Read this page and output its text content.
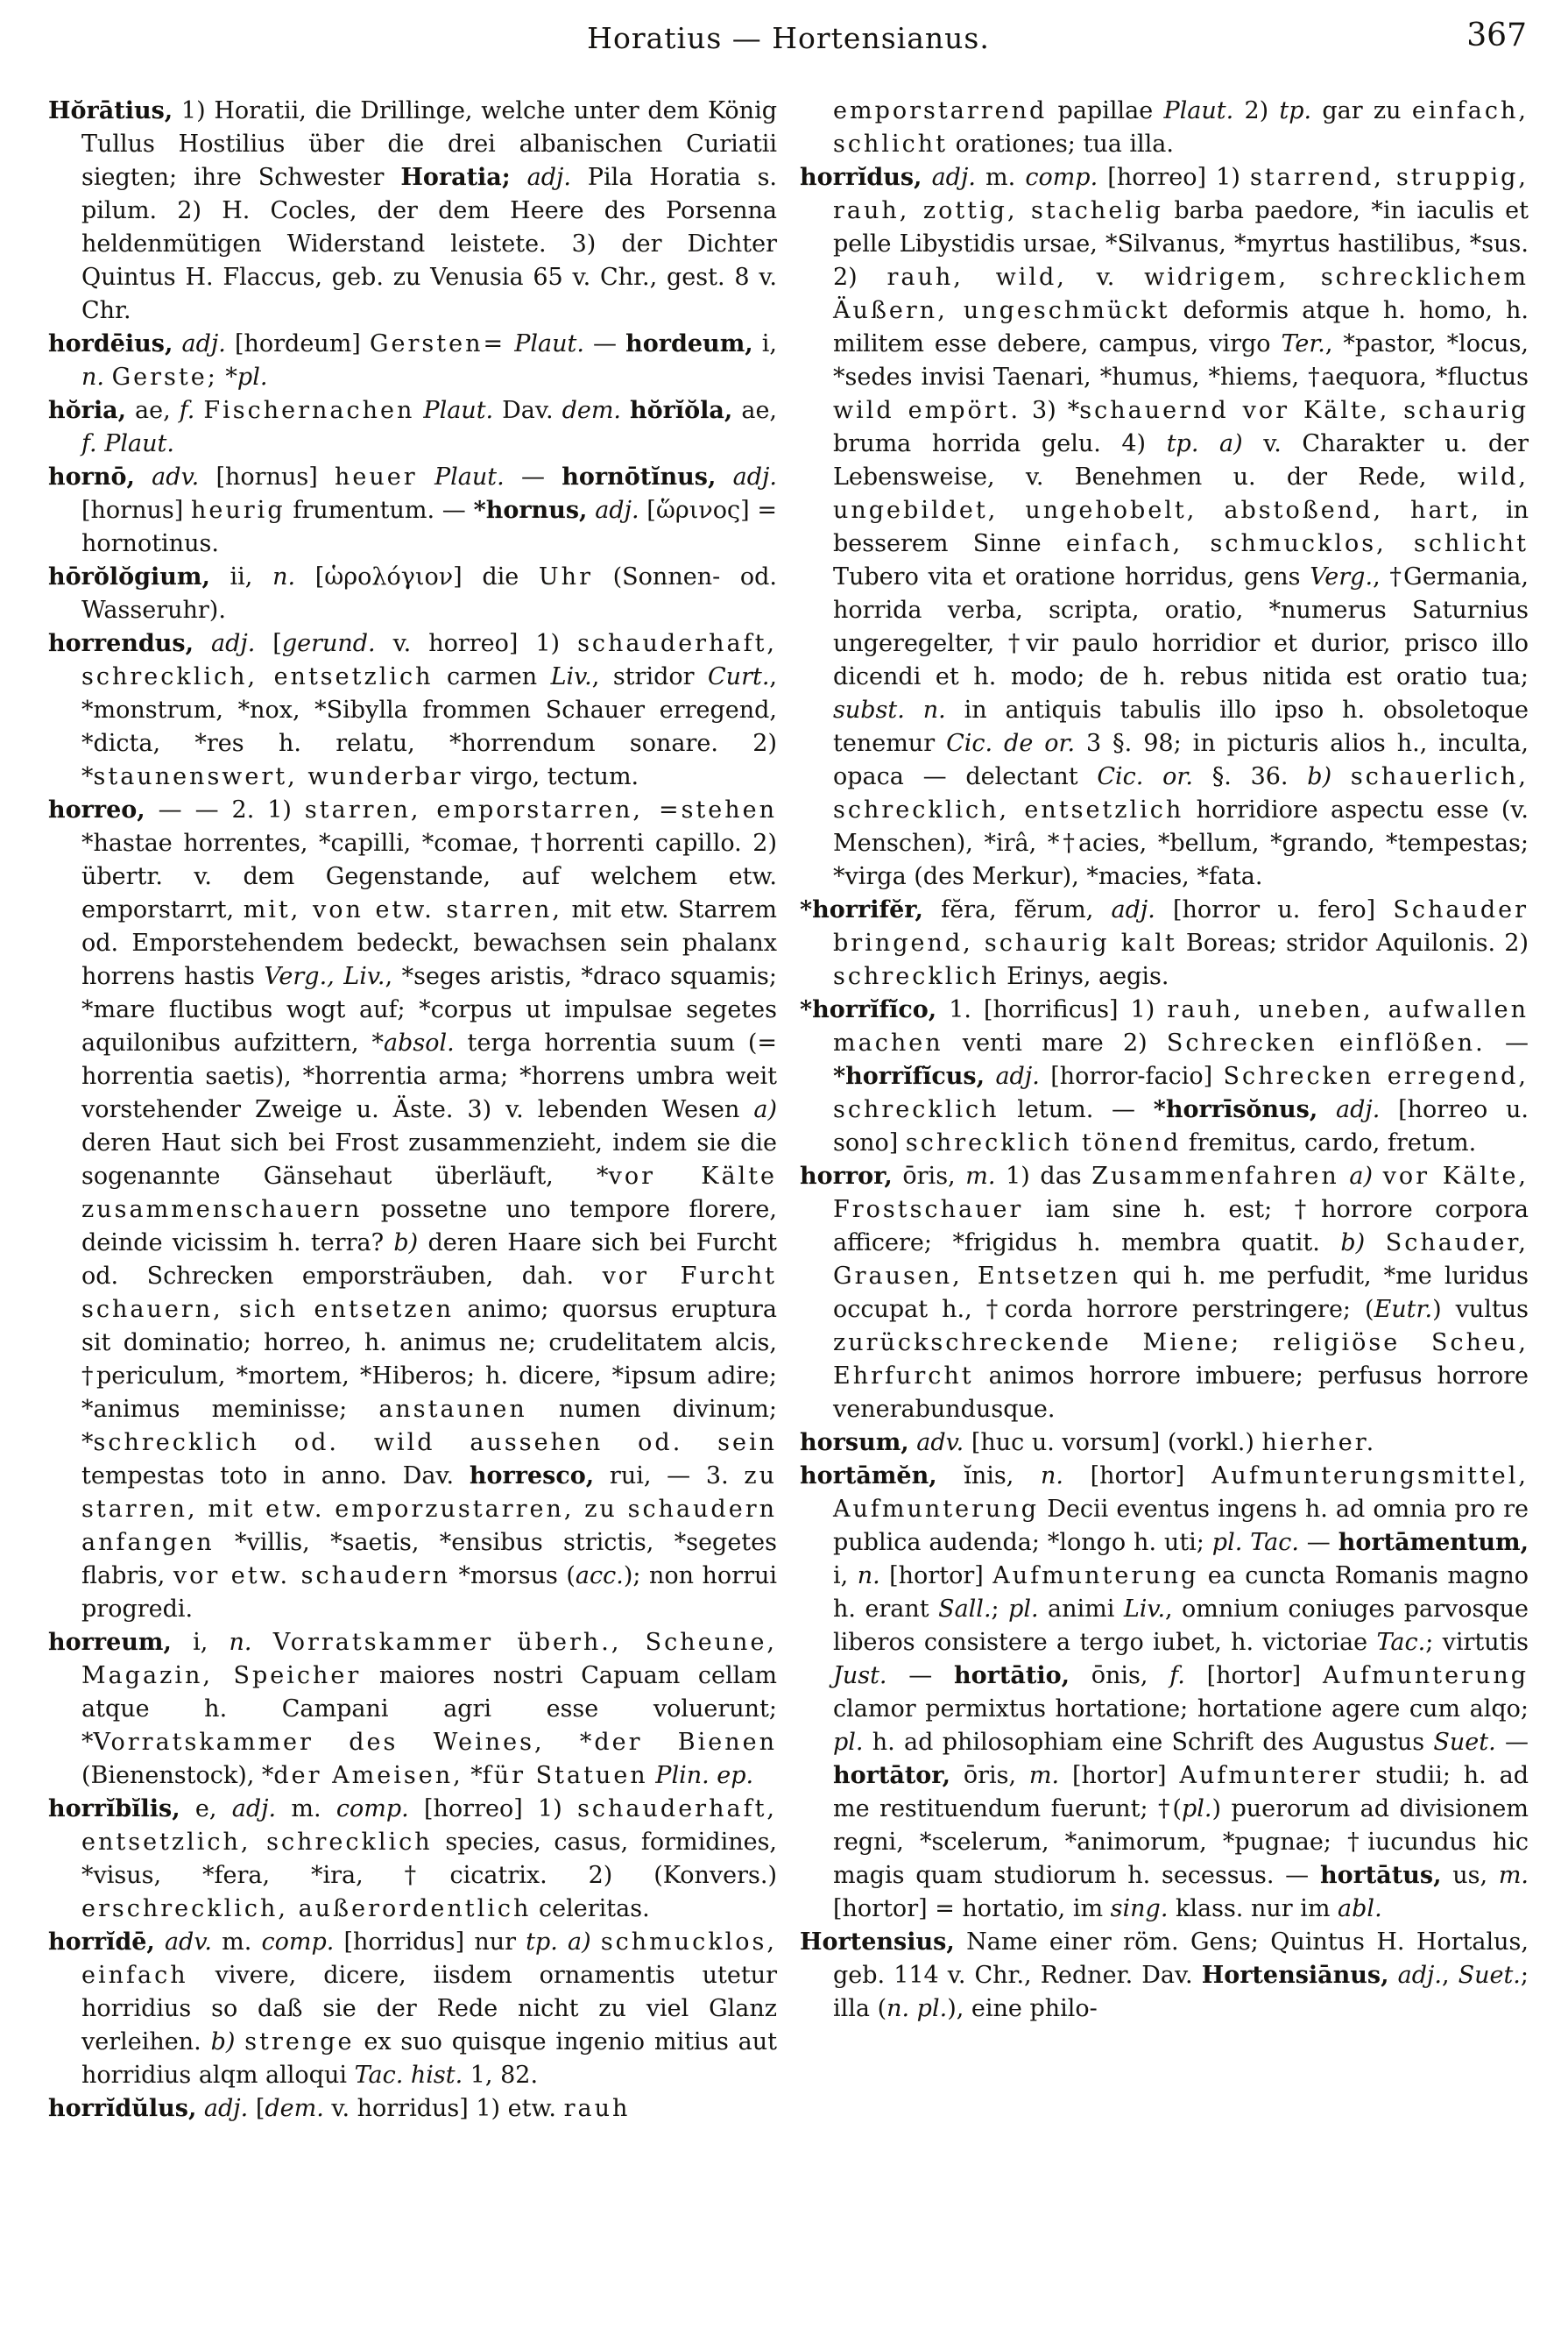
Horatius — Hortensianus.	367

Hŏrātius, 1) Horatii, die Drillinge, welche unter dem König Tullus Hostilius über die drei albanischen Curiatii siegten; ihre Schwester Horatia; adj. Pila Horatia s. pilum. 2) H. Cocles, der dem Heere des Porsenna heldenmütigen Widerstand leistete. 3) der Dichter Quintus H. Flaccus, geb. zu Venusia 65 v. Chr., gest. 8 v. Chr.

hordēius, adj. [hordeum] Gersten= Plaut. — hordeum, i, n. Gerste; *pl.

hŏria, ae, f. Fischernachen Plaut. Dav. dem. hŏrĭŏla, ae, f. Plaut.

hornō, adv. [hornus] heuer Plaut. — hornōtĭnus, adj. [hornus] heurig frumentum. — *hornus, adj. [ὥρινος] = hornotinus.

hōrŏlŏgium, ii, n. [ὡρολόγιον] die Uhr (Sonnen- od. Wasseruhr).

horrendus, adj. [gerund. v. horreo] 1) schauderhaft, schrecklich, entsetzlich carmen Liv., stridor Curt., *monstrum, *nox, *Sibylla frommen Schauer erregend, *dicta, *res h. relatu, *horrendum sonare. 2) *staunenswert, wunderbar virgo, tectum.

horreo, — — 2. 1) starren, emporstarren, =stehen *hastae horrentes, *capilli, *comae, †horrenti capillo. 2) übertr. v. dem Gegenstande, auf welchem etw. emporstarrt, mit, von etw. starren, mit etw. Starrem od. Emporstehendem bedeckt, bewachsen sein phalanx horrens hastis Verg., Liv., *seges aristis, *draco squamis; *mare fluctibus wogt auf; *corpus ut impulsae segetes aquilonibus aufzittern, *absol. terga horrentia suum (= horrentia saetis), *horrentia arma; *horrens umbra weit vorstehender Zweige u. Äste. 3) v. lebenden Wesen a) deren Haut sich bei Frost zusammenzieht, indem sie die sogenannte Gänsehaut überläuft, *vor Kälte zusammenschauern possetne uno tempore florere, deinde vicissim h. terra? b) deren Haare sich bei Furcht od. Schrecken emporsträuben, dah. vor Furcht schauern, sich entsetzen animo; quorsus eruptura sit dominatio; horreo, h. animus ne; crudelitatem alcis, †periculum, *mortem, *Hiberos; h. dicere, *ipsum adire; *animus meminisse; anstaunen numen divinum; *schrecklich od. wild aussehen od. sein tempestas toto in anno. Dav. horresco, rui, — 3. zu starren, mit etw. emporzustarren, zu schaudern anfangen *villis, *saetis, *ensibus strictis, *segetes flabris, vor etw. schaudern *morsus (acc.); non horrui progredi.

horreum, i, n. Vorratskammer überh., Scheune, Magazin, Speicher maiores nostri Capuam cellam atque h. Campani agri esse voluerunt; *Vorratskammer des Weines, *der Bienen (Bienenstock), *der Ameisen, *für Statuen Plin. ep.

horrĭbĭlis, e, adj. m. comp. [horreo] 1) schauderhaft, entsetzlich, schrecklich species, casus, formidines, *visus, *fera, *ira, †cicatrix. 2) (Konvers.) erschrecklich, außerordentlich celeritas.

horrĭdē, adv. m. comp. [horridus] nur tp. a) schmucklos, einfach vivere, dicere, iisdem ornamentis utetur horridius so daß sie der Rede nicht zu viel Glanz verleihen. b) strenge ex suo quisque ingenio mitius aut horridius alqm alloqui Tac. hist. 1, 82.

horrĭdŭlus, adj. [dem. v. horridus] 1) etw. rauh

emporstarrend papillae Plaut. 2) tp. gar zu einfach, schlicht orationes; tua illa.

horrĭdus, adj. m. comp. [horreo] 1) starrend, struppig, rauh, zottig, stachelig barba paedore, *in iaculis et pelle Libystidis ursae, *Silvanus, *myrtus hastilibus, *sus. 2) rauh, wild, v. widrigem, schrecklichem Äußern, ungeschmückt deformis atque h. homo, h. militem esse debere, campus, virgo Ter., *pastor, *locus, *sedes invisi Taenari, *humus, *hiems, †aequora, *fluctus wild empört. 3) *schauernd vor Kälte, schaurig bruma horrida gelu. 4) tp. a) v. Charakter u. der Lebensweise, v. Benehmen u. der Rede, wild, ungebildet, ungehobelt, abstoßend, hart, in besserem Sinne einfach, schmucklos, schlicht Tubero vita et oratione horridus, gens Verg., †Germania, horrida verba, scripta, oratio, *numerus Saturnius ungeregelter, †vir paulo horridior et durior, prisco illo dicendi et h. modo; de h. rebus nitida est oratio tua; subst. n. in antiquis tabulis illo ipso h. obsoletoque tenemur Cic. de or. 3 §. 98; in picturis alios h., inculta, opaca — delectant Cic. or. §. 36. b) schauerlich, schrecklich, entsetzlich horridiore aspectu esse (v. Menschen), *irâ, *†acies, *bellum, *grando, *tempestas; *virga (des Merkur), *macies, *fata.

*horrifĕr, fĕra, fĕrum, adj. [horror u. fero] Schauder bringend, schaurig kalt Boreas; stridor Aquilonis. 2) schrecklich Erinys, aegis.

*horrĭfĭco, 1. [horrificus] 1) rauh, uneben, aufwallen machen venti mare 2) Schrecken einflößen. — *horrĭfĭcus, adj. [horror-facio] Schrecken erregend, schrecklich letum. — *horrīsŏnus, adj. [horreo u. sono] schrecklich tönend fremitus, cardo, fretum.

horror, ōris, m. 1) das Zusammenfahren a) vor Kälte, Frostschauer iam sine h. est; †horrore corpora afficere; *frigidus h. membra quatit. b) Schauder, Grausen, Entsetzen qui h. me perfudit, *me luridus occupat h., †corda horrore perstringere; (Eutr.) vultus zurückschreckende Miene; religiöse Scheu, Ehrfurcht animos horrore imbuere; perfusus horrore venerabundusque.

horsum, adv. [huc u. vorsum] (vorkl.) hierher.

hortāmĕn, ĭnis, n. [hortor] Aufmunterungsmittel, Aufmunterung Decii eventus ingens h. ad omnia pro re publica audenda; *longo h. uti; pl. Tac. — hortāmentum, i, n. [hortor] Aufmunterung ea cuncta Romanis magno h. erant Sall.; pl. animi Liv., omnium coniuges parvosque liberos consistere a tergo iubet, h. victoriae Tac.; virtutis Just. — hortātio, ōnis, f. [hortor] Aufmunterung clamor permixtus hortatione; hortatione agere cum alqo; pl. h. ad philosophiam eine Schrift des Augustus Suet. — hortātor, ōris, m. [hortor] Aufmunterer studii; h. ad me restituendum fuerunt; †(pl.) puerorum ad divisionem regni, *scelerum, *animorum, *pugnae; †iucundus hic magis quam studiorum h. secessus. — hortātus, us, m. [hortor] = hortatio, im sing. klass. nur im abl.

Hortensius, Name einer röm. Gens; Quintus H. Hortalus, geb. 114 v. Chr., Redner. Dav. Hortensiānus, adj., Suet.; illa (n. pl.), eine philo-
